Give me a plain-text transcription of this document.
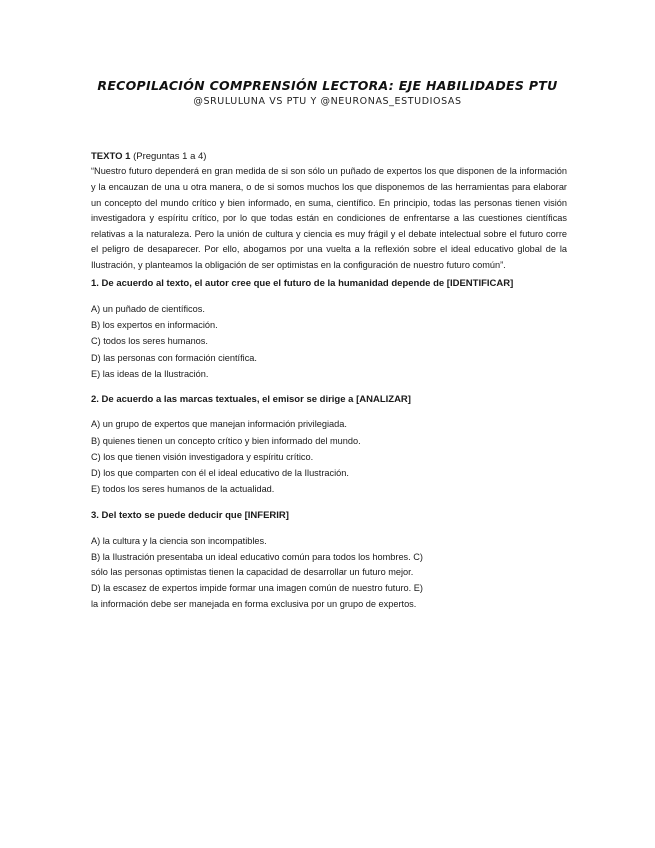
RECOPILACIÓN COMPRENSIÓN LECTORA: EJE HABILIDADES PTU

@SRULULUNA VS PTU Y @NEURONAS_ESTUDIOSAS

TEXTO 1 (Preguntas 1 a 4)

“Nuestro futuro dependerá en gran medida de si son sólo un puñado de expertos los que disponen de la información y la encauzan de una u otra manera, o de si somos muchos los que disponemos de las herramientas para elaborar un concepto del mundo crítico y bien informado, en suma, científico. En principio, todas las personas tienen visión investigadora y espíritu crítico, por lo que todas están en condiciones de enfrentarse a las cuestiones científicas relativas a la naturaleza. Pero la unión de cultura y ciencia es muy frágil y el debate intelectual sobre el futuro corre el peligro de desaparecer. Por ello, abogamos por una vuelta a la reflexión sobre el ideal educativo global de la Ilustración, y planteamos la obligación de ser optimistas en la configuración de nuestro futuro común”.

1. De acuerdo al texto, el autor cree que el futuro de la humanidad depende de [IDENTIFICAR]

A) un puñado de científicos.
B) los expertos en información.
C) todos los seres humanos.
D) las personas con formación científica.
E) las ideas de la Ilustración.

2. De acuerdo a las marcas textuales, el emisor se dirige a [ANALIZAR]

A) un grupo de expertos que manejan información privilegiada.
B) quienes tienen un concepto crítico y bien informado del mundo.
C) los que tienen visión investigadora y espíritu crítico.
D) los que comparten con él el ideal educativo de la Ilustración.
E) todos los seres humanos de la actualidad.

3. Del texto se puede deducir que [INFERIR]

A) la cultura y la ciencia son incompatibles.
B) la Ilustración presentaba un ideal educativo común para todos los hombres. C)
sólo las personas optimistas tienen la capacidad de desarrollar un futuro mejor.
D) la escasez de expertos impide formar una imagen común de nuestro futuro. E)
la información debe ser manejada en forma exclusiva por un grupo de expertos.
